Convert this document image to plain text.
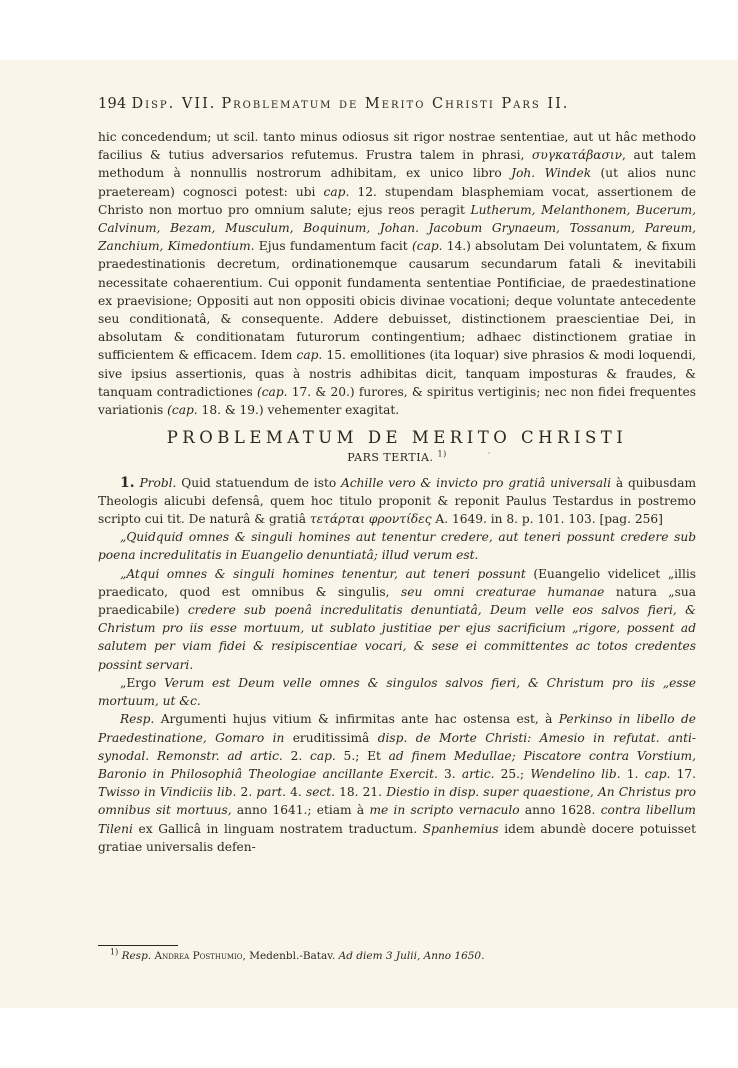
194 Disp. VII. Problematum de Merito Christi Pars II.

hic concedendum; ut scil. tanto minus odiosus sit rigor nostrae sententiae, aut ut hâc methodo facilius & tutius adversarios refutemus. Frustra talem in phrasi, συγκατάβασιν, aut talem methodum à nonnullis nostrorum adhibitam, ex unico libro Joh. Windek (ut alios nunc praeteream) cognosci potest: ubi cap. 12. stupendam blasphemiam vocat, assertionem de Christo non mortuo pro omnium salute; ejus reos peragit Lutherum, Melanthonem, Bucerum, Calvinum, Bezam, Musculum, Boquinum, Johan. Jacobum Grynaeum, Tossanum, Pareum, Zanchium, Kimedontium. Ejus fundamentum facit (cap. 14.) absolutam Dei voluntatem, & fixum praedestinationis decretum, ordinationemque causarum secundarum fatali & inevitabili necessitate cohaerentium. Cui opponit fundamenta sententiae Pontificiae, de praedestinatione ex praevisione; Oppositi aut non oppositi obicis divinae vocationi; deque voluntate antecedente seu conditionatâ, & consequente. Addere debuisset, distinctionem praescientiae Dei, in absolutam & conditionatam futurorum contingentium; adhaec distinctionem gratiae in sufficientem & efficacem. Idem cap. 15. emollitiones (ita loquar) sive phrasios & modi loquendi, sive ipsius assertionis, quas à nostris adhibitas dicit, tanquam imposturas & fraudes, & tanquam contradictiones (cap. 17. & 20.) furores, & spiritus vertiginis; nec non fidei frequentes variationis (cap. 18. & 19.) vehementer exagitat.

PROBLEMATUM DE MERITO CHRISTI
PARS TERTIA. $^{1)}$

1. Probl. Quid statuendum de isto Achille vero & invicto pro gratiâ universali à quibusdam Theologis alicubi defensâ, quem hoc titulo proponit & reponit Paulus Testardus in postremo scripto cui tit. De naturâ & gratiâ τετάρται φροντίδες A. 1649. in 8. p. 101. 103. [pag. 256]

„Quidquid omnes & singuli homines aut tenentur credere, aut teneri possunt credere sub poena incredulitatis in Euangelio denuntiatâ; illud verum est.

„Atqui omnes & singuli homines tenentur, aut teneri possunt (Euangelio videlicet „illis praedicato, quod est omnibus & singulis, seu omni creaturae humanae natura „sua praedicabile) credere sub poenâ incredulitatis denuntiatâ, Deum velle eos salvos fieri, & Christum pro iis esse mortuum, ut sublato justitiae per ejus sacrificium „rigore, possent ad salutem per viam fidei & resipiscentiae vocari, & sese ei committentes ac totos credentes possint servari.

„Ergo Verum est Deum velle omnes & singulos salvos fieri, & Christum pro iis „esse mortuum, ut &c.

Resp. Argumenti hujus vitium & infirmitas ante hac ostensa est, à Perkinso in libello de Praedestinatione, Gomaro in eruditissimâ disp. de Morte Christi: Amesio in refutat. anti-synodal. Remonstr. ad artic. 2. cap. 5.; Et ad finem Medullae; Piscatore contra Vorstium, Baronio in Philosophiâ Theologiae ancillante Exercit. 3. artic. 25.; Wendelino lib. 1. cap. 17. Twisso in Vindiciis lib. 2. part. 4. sect. 18. 21. Diestio in disp. super quaestione, An Christus pro omnibus sit mortuus, anno 1641.; etiam à me in scripto vernaculo anno 1628. contra libellum Tileni ex Gallicâ in linguam nostratem traductum. Spanhemius idem abundè docere potuisset gratiae universalis defen-

$^{1)}$ Resp. Andrea Posthumio, Medenbl.-Batav. Ad diem 3 Julii, Anno 1650.
